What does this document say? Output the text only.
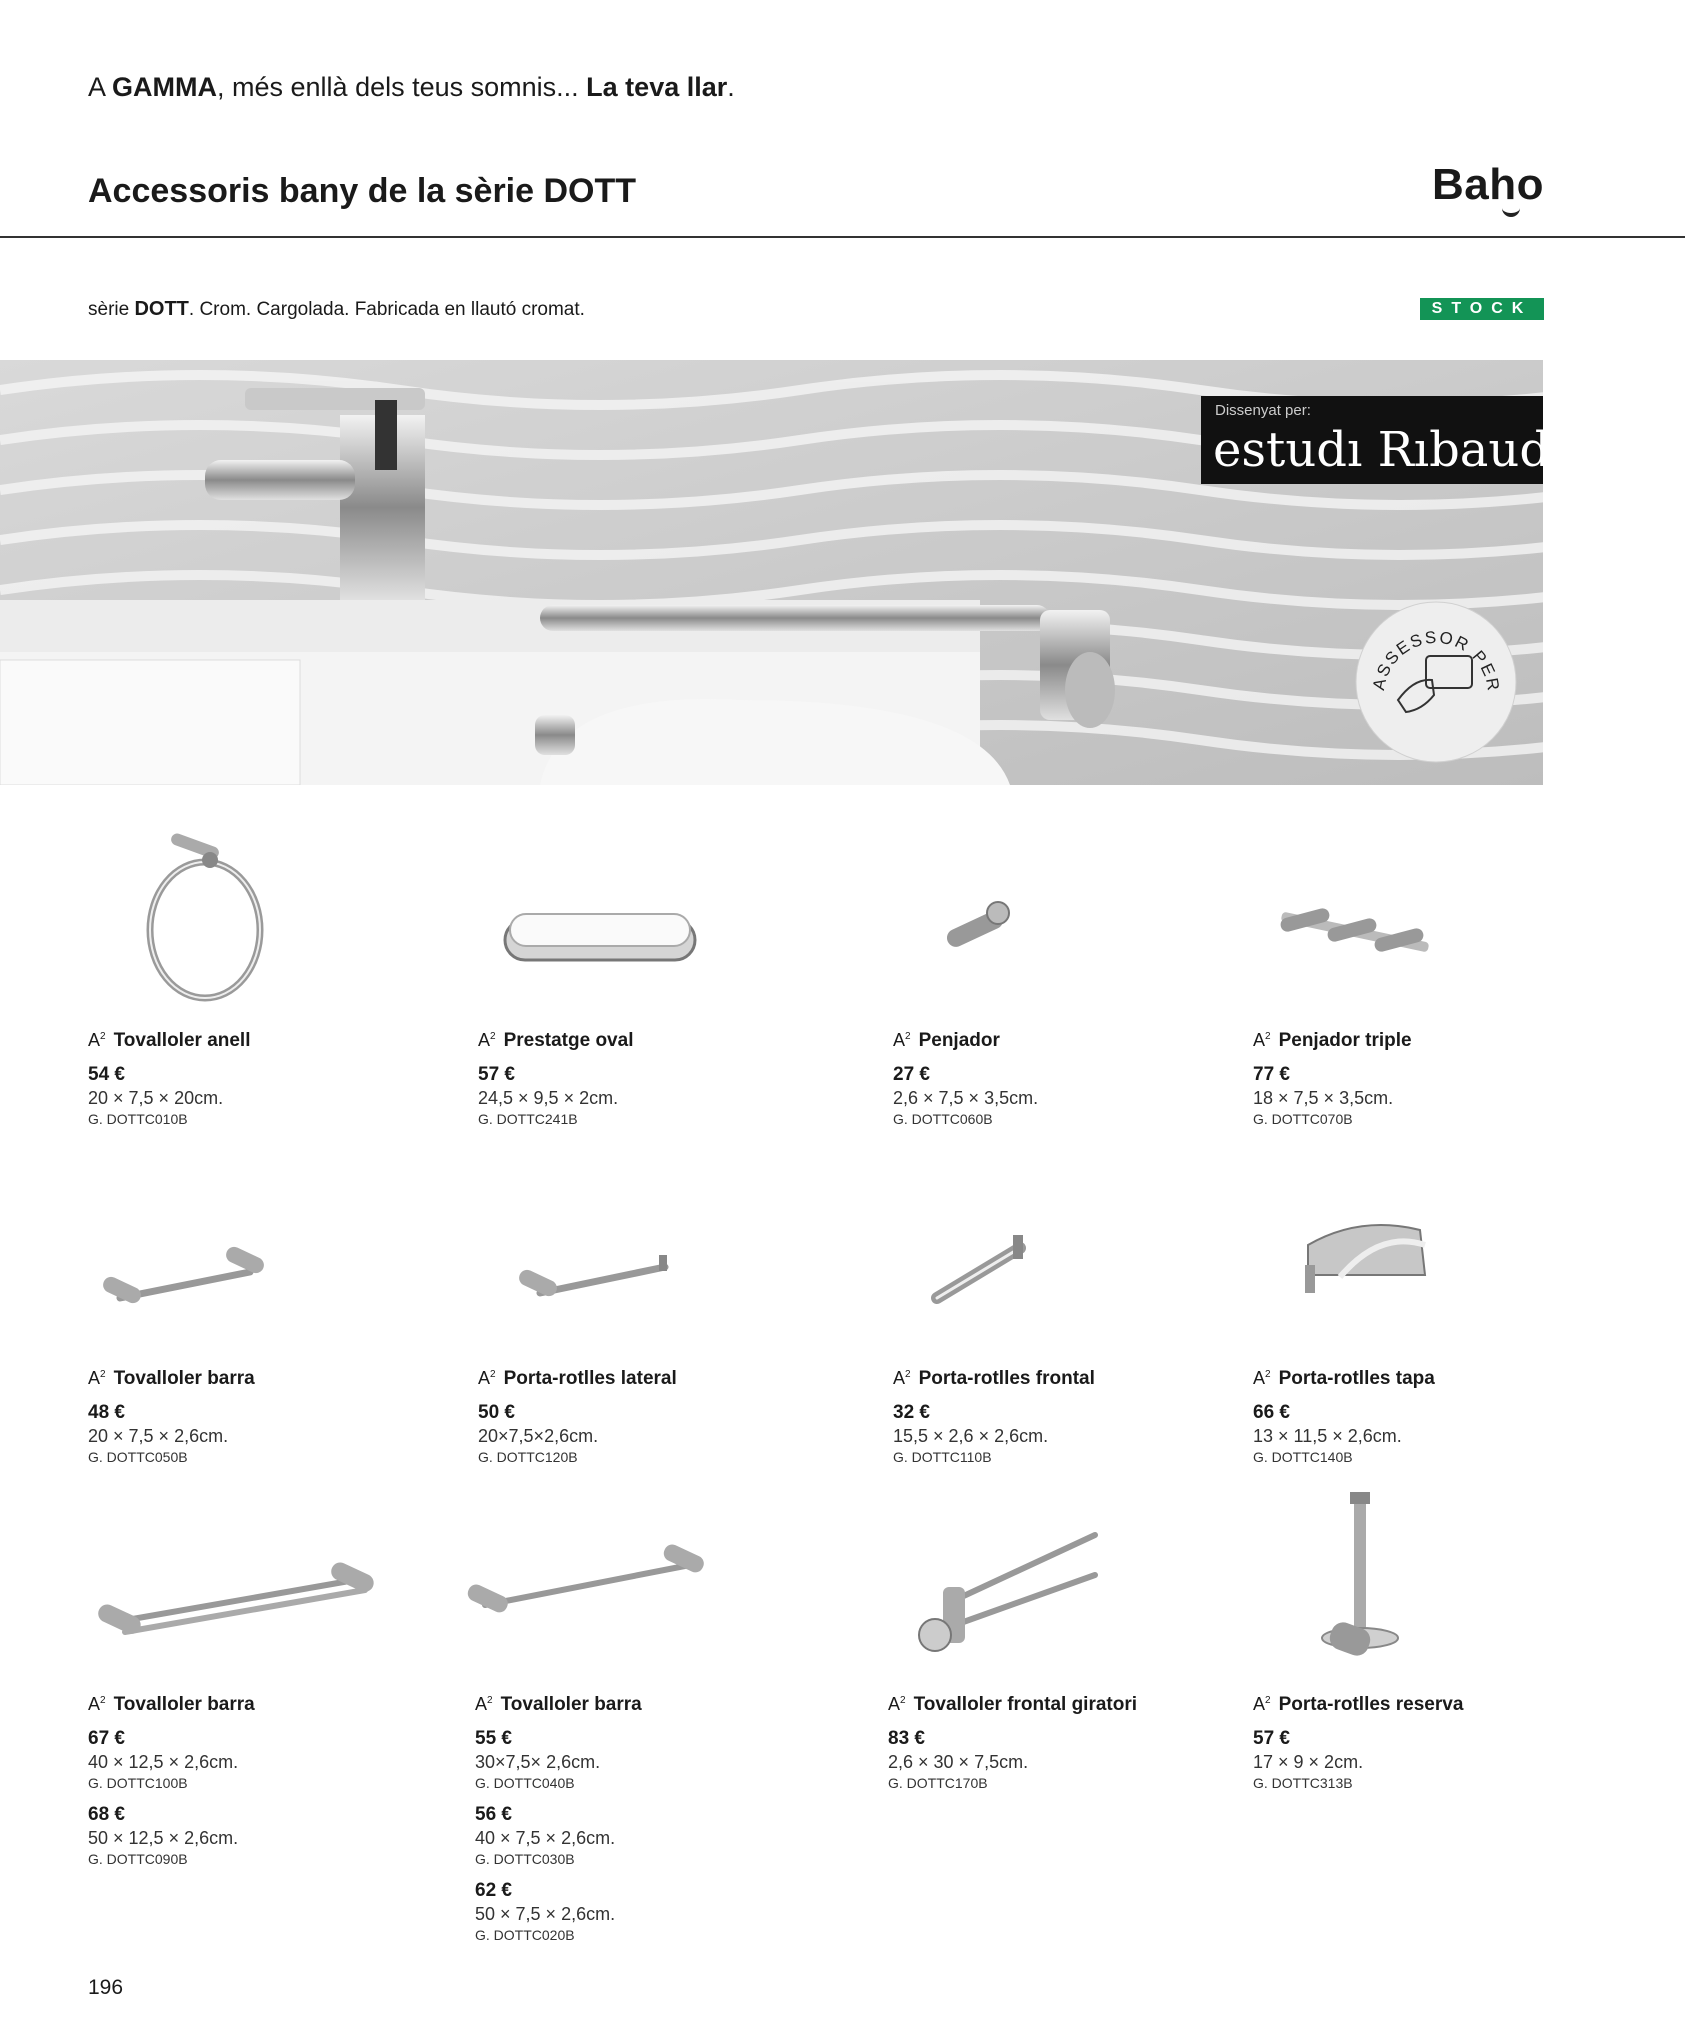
A GAMMA, més enllà dels teus somnis... La teva llar.
Accessoris bany de la sèrie DOTT	Baho
sèrie DOTT. Crom. Cargolada. Fabricada en llautó cromat.	STOCK
Dissenyat per:
estudı Rıbaudí
ASSESSOR PER
$A^2$ Tovalloler anell
54 €
20 × 7,5 × 20cm.
G. DOTTC010B
$A^2$ Prestatge oval
57 €
24,5 × 9,5 × 2cm.
G. DOTTC241B
$A^2$ Penjador
27 €
2,6 × 7,5 × 3,5cm.
G. DOTTC060B
$A^2$ Penjador triple
77 €
18 × 7,5 × 3,5cm.
G. DOTTC070B
$A^2$ Tovalloler barra
48 €
20 × 7,5 × 2,6cm.
G. DOTTC050B
$A^2$ Porta-rotlles lateral
50 €
20×7,5×2,6cm.
G. DOTTC120B
$A^2$ Porta-rotlles frontal
32 €
15,5 × 2,6 × 2,6cm.
G. DOTTC110B
$A^2$ Porta-rotlles tapa
66 €
13 × 11,5 × 2,6cm.
G. DOTTC140B
$A^2$ Tovalloler barra
67 €
40 × 12,5 × 2,6cm.
G. DOTTC100B
68 €
50 × 12,5 × 2,6cm.
G. DOTTC090B
$A^2$ Tovalloler barra
55 €
30×7,5× 2,6cm.
G. DOTTC040B
56 €
40 × 7,5 × 2,6cm.
G. DOTTC030B
62 €
50 × 7,5 × 2,6cm.
G. DOTTC020B
$A^2$ Tovalloler frontal giratori
83 €
2,6 × 30 × 7,5cm.
G. DOTTC170B
$A^2$ Porta-rotlles reserva
57 €
17 × 9 × 2cm.
G. DOTTC313B
196
